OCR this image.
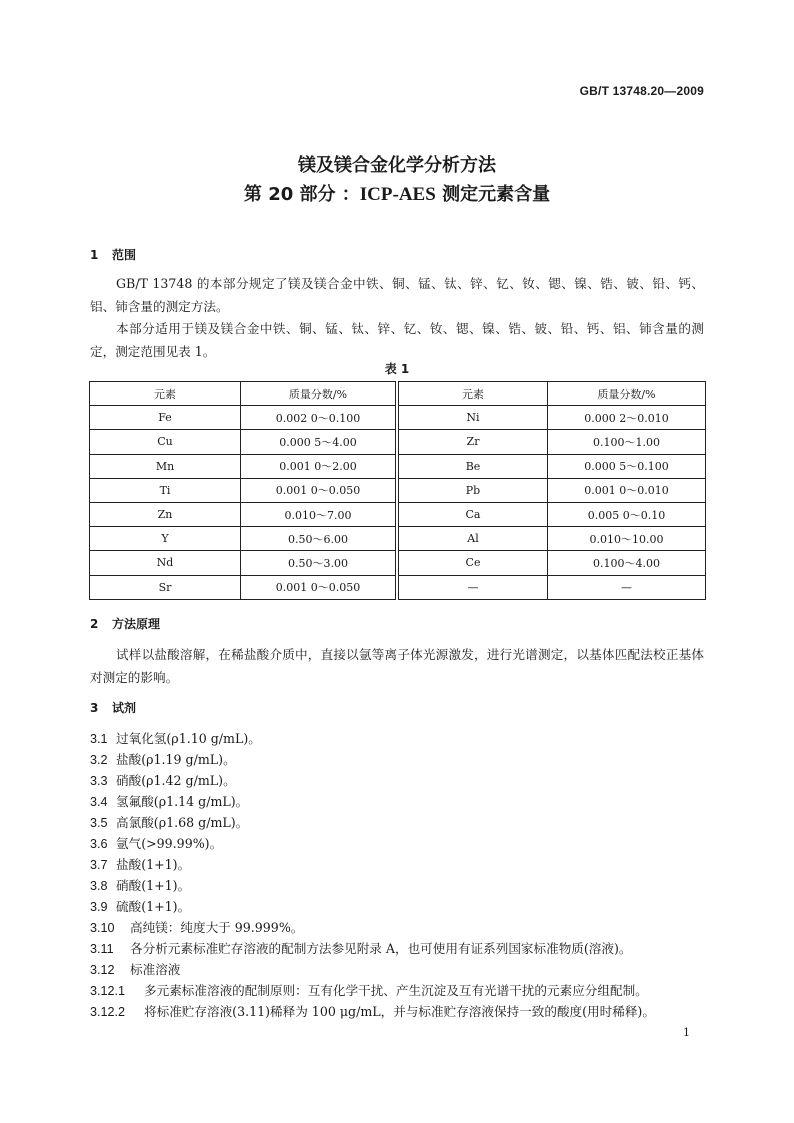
GB/T 13748.20—2009
镁及镁合金化学分析方法
第 20 部分 ：ICP-AES 测定元素含量
1 范围
GB/T 13748 的本部分规定了镁及镁合金中铁、铜、锰、钛、锌、钇、钕、锶、镍、锆、铍、铅、钙、铝、铈含量的测定方法。
本部分适用于镁及镁合金中铁、铜、锰、钛、锌、钇、钕、锶、镍、锆、铍、铅、钙、铝、铈含量的测定，测定范围见表 1。
表 1
元素	质量分数/%		元素	质量分数/%
Fe	0.002 0～0.100		Ni	0.000 2～0.010
Cu	0.000 5～4.00		Zr	0.100～1.00
Mn	0.001 0～2.00		Be	0.000 5～0.100
Ti	0.001 0～0.050		Pb	0.001 0～0.010
Zn	0.010～7.00		Ca	0.005 0～0.10
Y	0.50～6.00		Al	0.010～10.00
Nd	0.50～3.00		Ce	0.100～4.00
Sr	0.001 0～0.050		—	—
2 方法原理
试样以盐酸溶解，在稀盐酸介质中，直接以氩等离子体光源激发，进行光谱测定，以基体匹配法校正基体对测定的影响。
3 试剂
3.1 过氧化氢(ρ1.10 g/mL)。
3.2 盐酸(ρ1.19 g/mL)。
3.3 硝酸(ρ1.42 g/mL)。
3.4 氢氟酸(ρ1.14 g/mL)。
3.5 高氯酸(ρ1.68 g/mL)。
3.6 氩气(>99.99%)。
3.7 盐酸(1+1)。
3.8 硝酸(1+1)。
3.9 硫酸(1+1)。
3.10 高纯镁：纯度大于 99.999%。
3.11 各分析元素标准贮存溶液的配制方法参见附录 A，也可使用有证系列国家标准物质(溶液)。
3.12 标准溶液
3.12.1 多元素标准溶液的配制原则：互有化学干扰、产生沉淀及互有光谱干扰的元素应分组配制。
3.12.2 将标准贮存溶液(3.11)稀释为 100 μg/mL，并与标准贮存溶液保持一致的酸度(用时稀释)。
1
